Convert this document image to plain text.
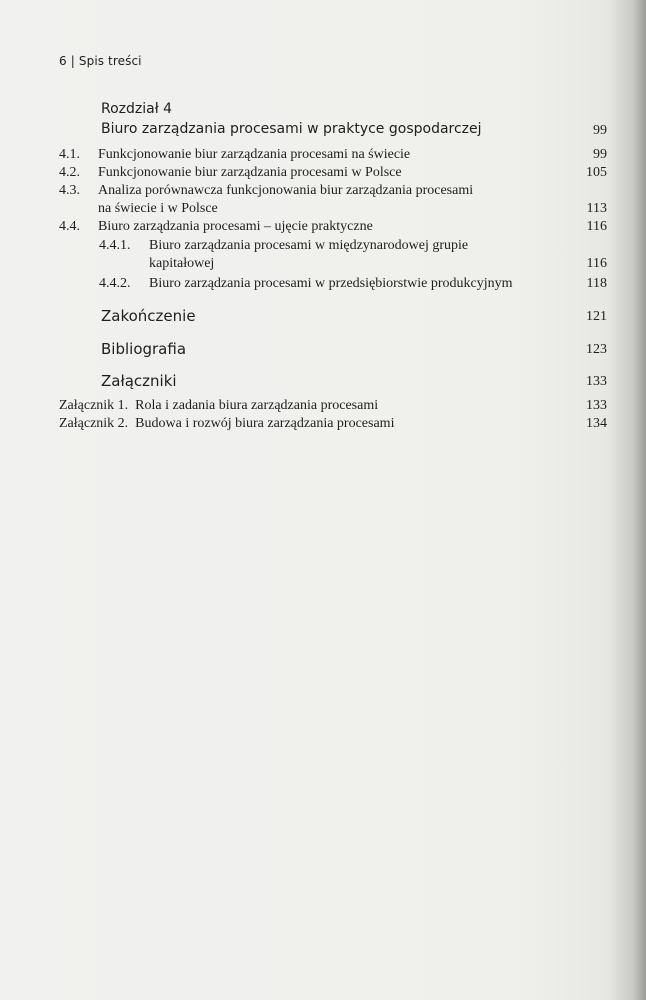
6 | Spis treści
Rozdział 4
Biuro zarządzania procesami w praktyce gospodarczej	99
4.1. Funkcjonowanie biur zarządzania procesami na świecie	99
4.2. Funkcjonowanie biur zarządzania procesami w Polsce	105
4.3. Analiza porównawcza funkcjonowania biur zarządzania procesami
na świecie i w Polsce	113
4.4. Biuro zarządzania procesami – ujęcie praktyczne	116
4.4.1. Biuro zarządzania procesami w międzynarodowej grupie
kapitałowej	116
4.4.2. Biuro zarządzania procesami w przedsiębiorstwie produkcyjnym	118
Zakończenie	121
Bibliografia	123
Załączniki	133
Załącznik 1.  Rola i zadania biura zarządzania procesami	133
Załącznik 2.  Budowa i rozwój biura zarządzania procesami	134
